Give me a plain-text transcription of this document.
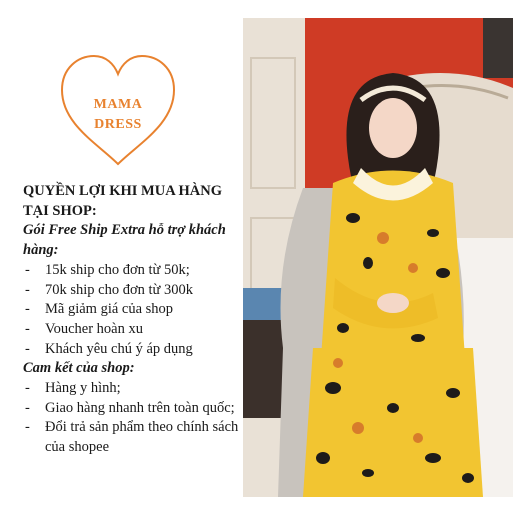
MAMA
DRESS

QUYỀN LỢI KHI MUA HÀNG TẠI SHOP:

Gói Free Ship Extra hỗ trợ khách hàng:

- 15k ship cho đơn từ 50k;
- 70k ship cho đơn từ 300k
- Mã giảm giá của shop
- Voucher hoàn xu
- Khách yêu chú ý áp dụng

Cam kết của shop:

- Hàng y hình;
- Giao hàng nhanh trên toàn quốc;
- Đổi trả sản phẩm theo chính sách của shopee
